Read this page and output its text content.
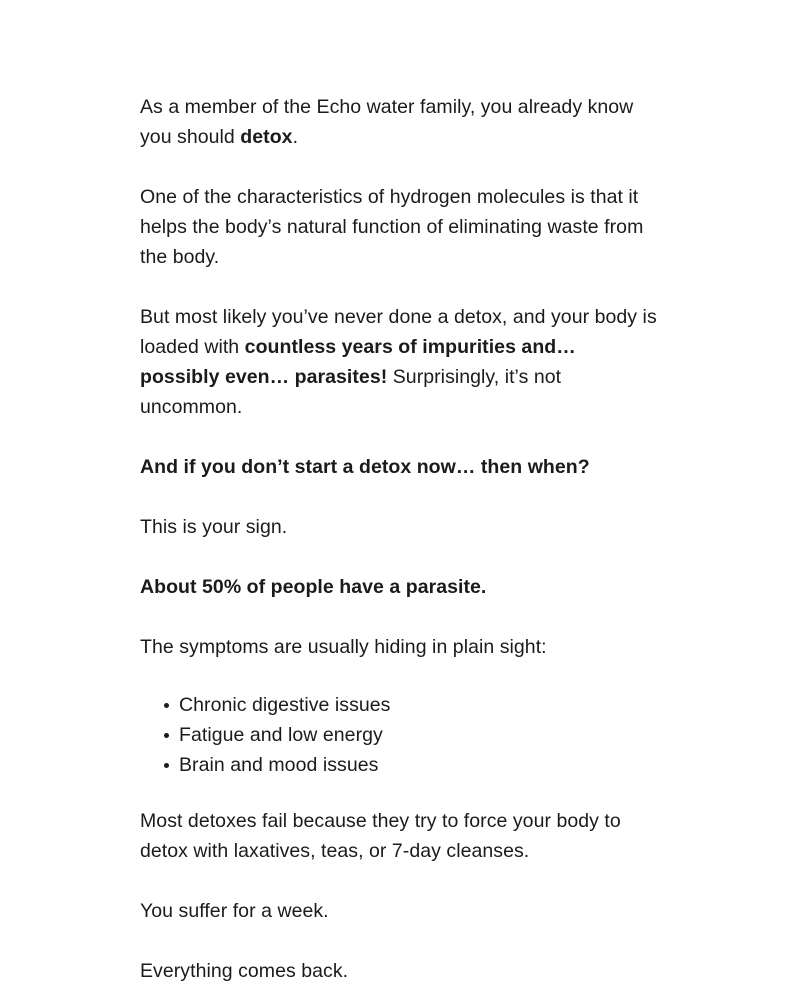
As a member of the Echo water family, you already know you should detox.

One of the characteristics of hydrogen molecules is that it helps the body’s natural function of eliminating waste from the body.

But most likely you’ve never done a detox, and your body is loaded with countless years of impurities and… possibly even… parasites! Surprisingly, it’s not uncommon.

And if you don’t start a detox now… then when?

This is your sign.

About 50% of people have a parasite.

The symptoms are usually hiding in plain sight:

Chronic digestive issues
Fatigue and low energy
Brain and mood issues

Most detoxes fail because they try to force your body to detox with laxatives, teas, or 7-day cleanses.

You suffer for a week.

Everything comes back.
